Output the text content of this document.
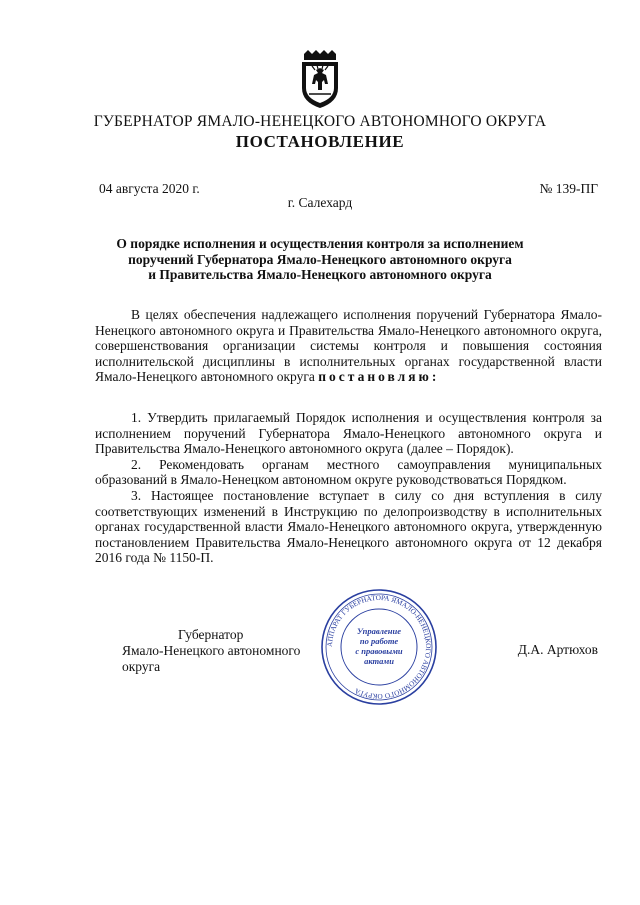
ГУБЕРНАТОР ЯМАЛО-НЕНЕЦКОГО АВТОНОМНОГО ОКРУГА
ПОСТАНОВЛЕНИЕ
04 августа 2020 г.	№ 139-ПГ
г. Салехард
О порядке исполнения и осуществления контроля за исполнением
поручений Губернатора Ямало-Ненецкого автономного округа
и Правительства Ямало-Ненецкого автономного округа

В целях обеспечения надлежащего исполнения поручений Губернатора Ямало-Ненецкого автономного округа и Правительства Ямало-Ненецкого автономного округа, совершенствования организации системы контроля и повышения состояния исполнительской дисциплины в исполнительных органах государственной власти Ямало-Ненецкого автономного округа постановляю:

1. Утвердить прилагаемый Порядок исполнения и осуществления контроля за исполнением поручений Губернатора Ямало-Ненецкого автономного округа и Правительства Ямало-Ненецкого автономного округа (далее – Порядок).

2. Рекомендовать органам местного самоуправления муниципальных образований в Ямало-Ненецком автономном округе руководствоваться Порядком.

3. Настоящее постановление вступает в силу со дня вступления в силу соответствующих изменений в Инструкцию по делопроизводству в исполнительных органах государственной власти Ямало-Ненецкого автономного округа, утвержденную постановлением Правительства Ямало-Ненецкого автономного округа от 12 декабря 2016 года № 1150-П.

Губернатор
Ямало-Ненецкого автономного округа
Д.А. Артюхов
АППАРАТ ГУБЕРНАТОРА ЯМАЛО-НЕНЕЦКОГО АВТОНОМНОГО ОКРУГА
Управление
по работе
с правовыми
актами
